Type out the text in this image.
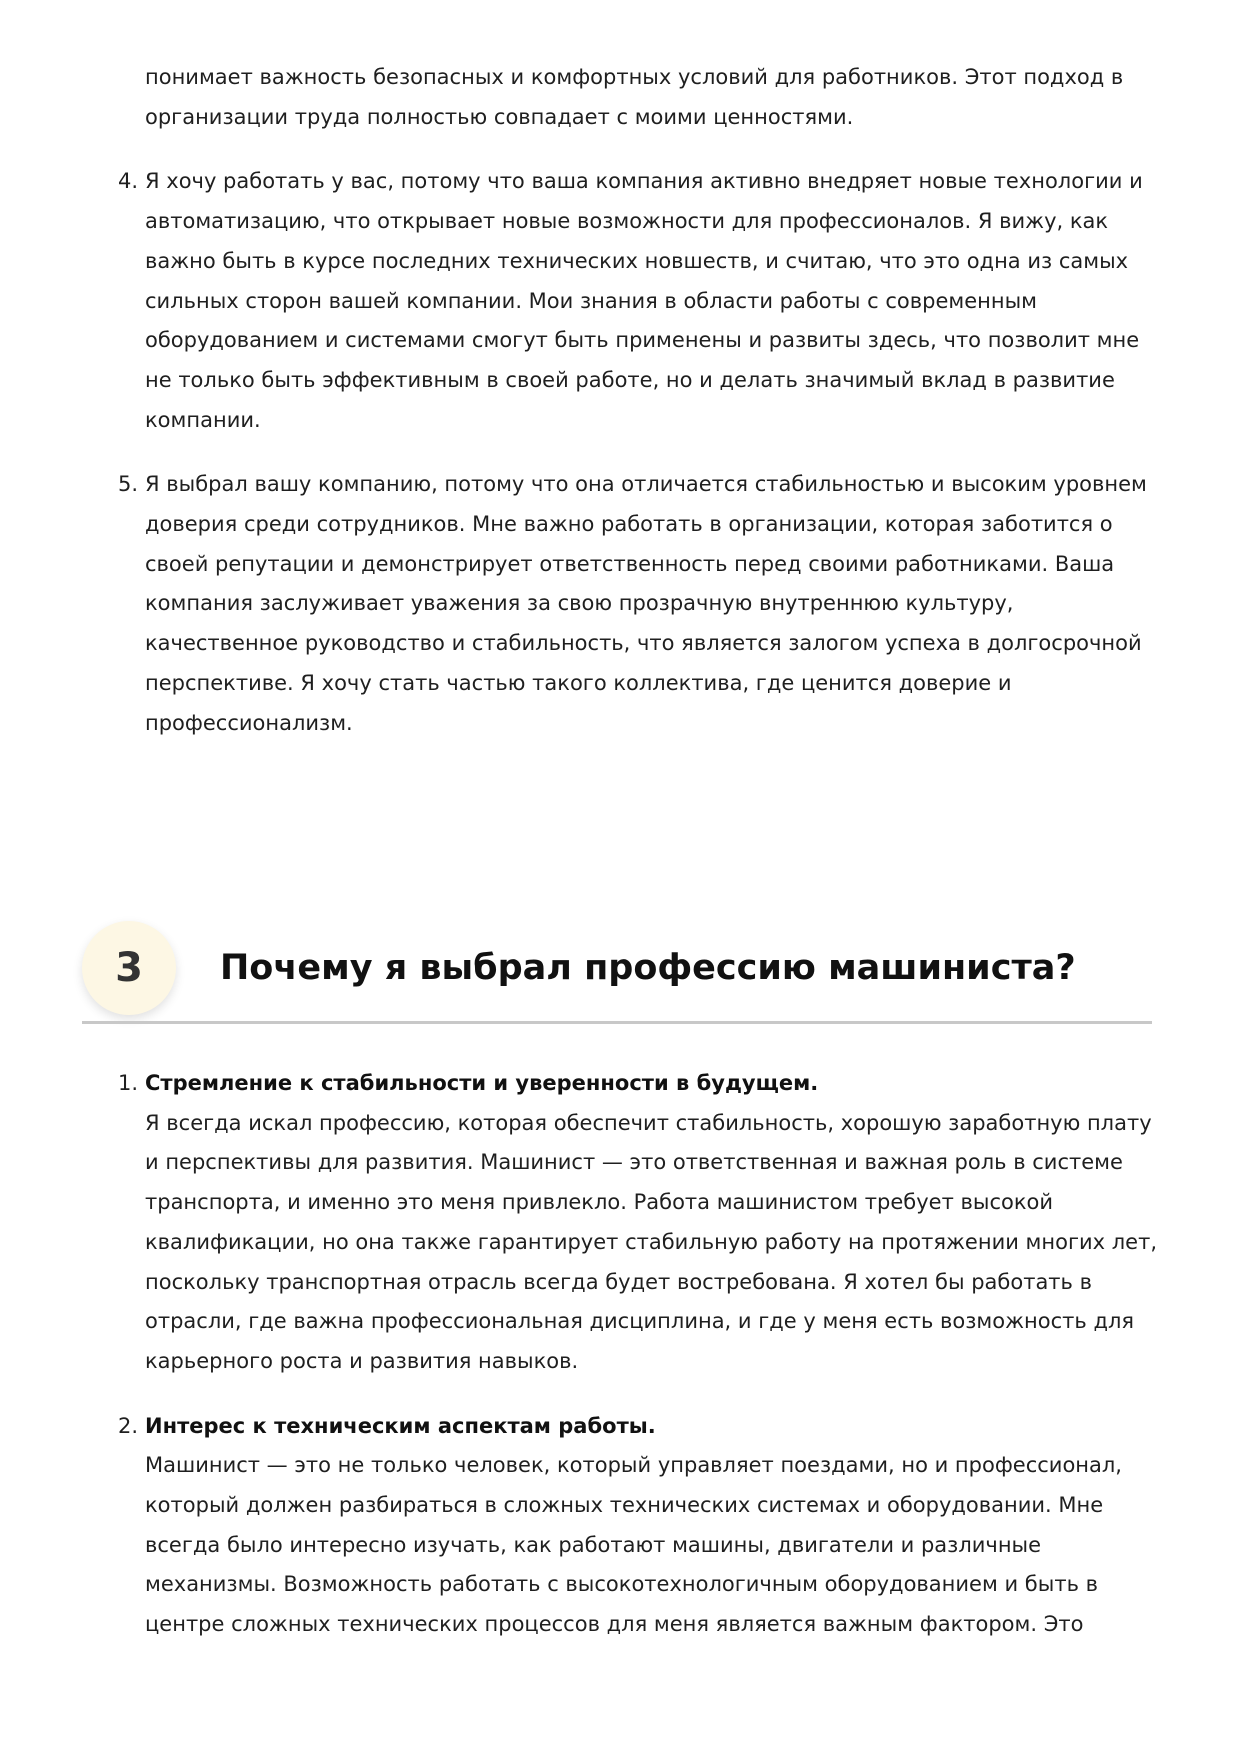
понимает важность безопасных и комфортных условий для работников. Этот подход в организации труда полностью совпадает с моими ценностями.

4. Я хочу работать у вас, потому что ваша компания активно внедряет новые технологии и автоматизацию, что открывает новые возможности для профессионалов. Я вижу, как важно быть в курсе последних технических новшеств, и считаю, что это одна из самых сильных сторон вашей компании. Мои знания в области работы с современным оборудованием и системами смогут быть применены и развиты здесь, что позволит мне не только быть эффективным в своей работе, но и делать значимый вклад в развитие компании.
5. Я выбрал вашу компанию, потому что она отличается стабильностью и высоким уровнем доверия среди сотрудников. Мне важно работать в организации, которая заботится о своей репутации и демонстрирует ответственность перед своими работниками. Ваша компания заслуживает уважения за свою прозрачную внутреннюю культуру, качественное руководство и стабильность, что является залогом успеха в долгосрочной перспективе. Я хочу стать частью такого коллектива, где ценится доверие и профессионализм.
3	Почему я выбрал профессию машиниста?
1. Стремление к стабильности и уверенности в будущем.
Я всегда искал профессию, которая обеспечит стабильность, хорошую заработную плату и перспективы для развития. Машинист — это ответственная и важная роль в системе транспорта, и именно это меня привлекло. Работа машинистом требует высокой квалификации, но она также гарантирует стабильную работу на протяжении многих лет, поскольку транспортная отрасль всегда будет востребована. Я хотел бы работать в отрасли, где важна профессиональная дисциплина, и где у меня есть возможность для карьерного роста и развития навыков.
2. Интерес к техническим аспектам работы.
Машинист — это не только человек, который управляет поездами, но и профессионал, который должен разбираться в сложных технических системах и оборудовании. Мне всегда было интересно изучать, как работают машины, двигатели и различные механизмы. Возможность работать с высокотехнологичным оборудованием и быть в центре сложных технических процессов для меня является важным фактором. Это
